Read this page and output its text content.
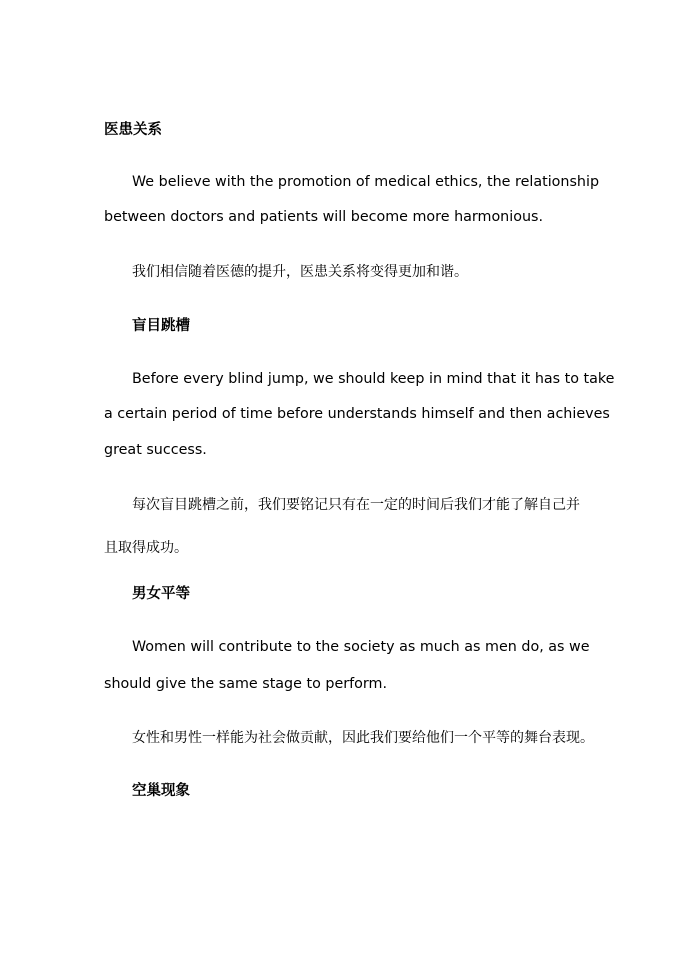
医患关系
We believe with the promotion of medical ethics, the relationship
between doctors and patients will become more harmonious.
我们相信随着医德的提升，医患关系将变得更加和谐。
盲目跳槽
Before every blind jump, we should keep in mind that it has to take
a certain period of time before understands himself and then achieves
great success.
每次盲目跳槽之前，我们要铭记只有在一定的时间后我们才能了解自己并
且取得成功。
男女平等
Women will contribute to the society as much as men do, as we
should give the same stage to perform.
女性和男性一样能为社会做贡献，因此我们要给他们一个平等的舞台表现。
空巢现象
